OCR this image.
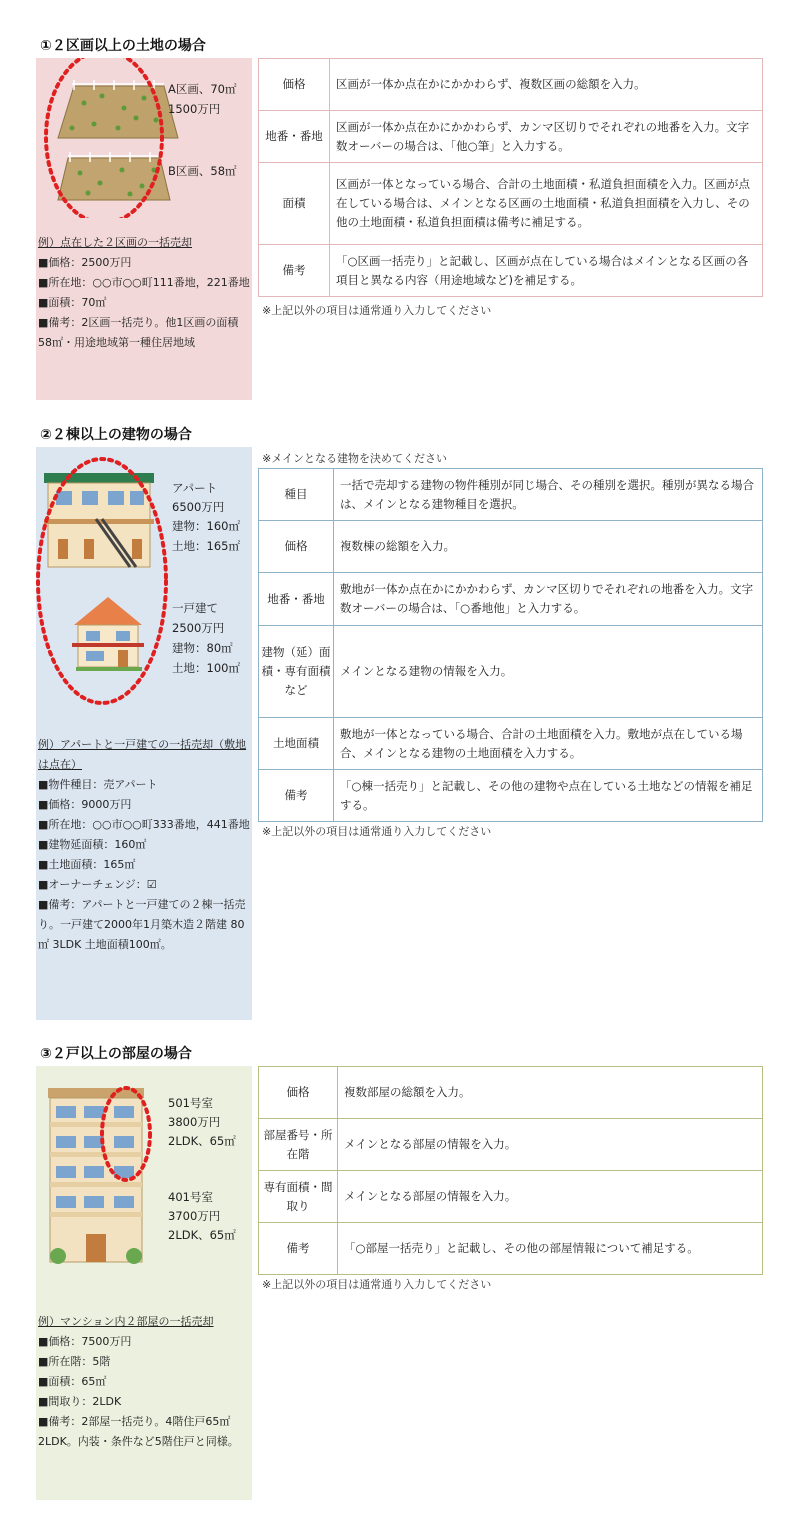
①２区画以上の土地の場合
A区画、70㎡
1500万円
B区画、58㎡
例）点在した２区画の一括売却
■価格：2500万円
■所在地：○○市○○町111番地，221番地
■面積：70㎡
■備考：2区画一括売り。他1区画の面積58㎡・用途地域第一種住居地域
価格	区画が一体か点在かにかかわらず、複数区画の総額を入力。
地番・番地	区画が一体か点在かにかかわらず、カンマ区切りでそれぞれの地番を入力。文字数オーバーの場合は、「他○筆」と入力する。
面積	区画が一体となっている場合、合計の土地面積・私道負担面積を入力。区画が点在している場合は、メインとなる区画の土地面積・私道負担面積を入力し、その他の土地面積・私道負担面積は備考に補足する。
備考	「○区画一括売り」と記載し、区画が点在している場合はメインとなる区画の各項目と異なる内容（用途地域など)を補足する。
※上記以外の項目は通常通り入力してください
②２棟以上の建物の場合
※メインとなる建物を決めてください
アパート
6500万円
建物：160㎡
土地：165㎡
一戸建て
2500万円
建物：80㎡
土地：100㎡
例）アパートと一戸建ての一括売却（敷地は点在）
■物件種目：売アパート
■価格：9000万円
■所在地：○○市○○町333番地，441番地
■建物延面積：160㎡
■土地面積：165㎡
■オーナーチェンジ：☑
■備考：アパートと一戸建ての２棟一括売り。一戸建て2000年1月築木造２階建 80㎡ 3LDK 土地面積100㎡。
種目	一括で売却する建物の物件種別が同じ場合、その種別を選択。種別が異なる場合は、メインとなる建物種目を選択。
価格	複数棟の総額を入力。
地番・番地	敷地が一体か点在かにかかわらず、カンマ区切りでそれぞれの地番を入力。文字数オーバーの場合は、「○番地他」と入力する。
建物（延）面積・専有面積など	メインとなる建物の情報を入力。
土地面積	敷地が一体となっている場合、合計の土地面積を入力。敷地が点在している場合、メインとなる建物の土地面積を入力する。
備考	「○棟一括売り」と記載し、その他の建物や点在している土地などの情報を補足する。
※上記以外の項目は通常通り入力してください
③２戸以上の部屋の場合
501号室
3800万円
2LDK、65㎡
401号室
3700万円
2LDK、65㎡
例）マンション内２部屋の一括売却
■価格：7500万円
■所在階：5階
■面積：65㎡
■間取り：2LDK
■備考：2部屋一括売り。4階住戸65㎡2LDK。内装・条件など5階住戸と同様。
価格	複数部屋の総額を入力。
部屋番号・所在階	メインとなる部屋の情報を入力。
専有面積・間取り	メインとなる部屋の情報を入力。
備考	「○部屋一括売り」と記載し、その他の部屋情報について補足する。
※上記以外の項目は通常通り入力してください
